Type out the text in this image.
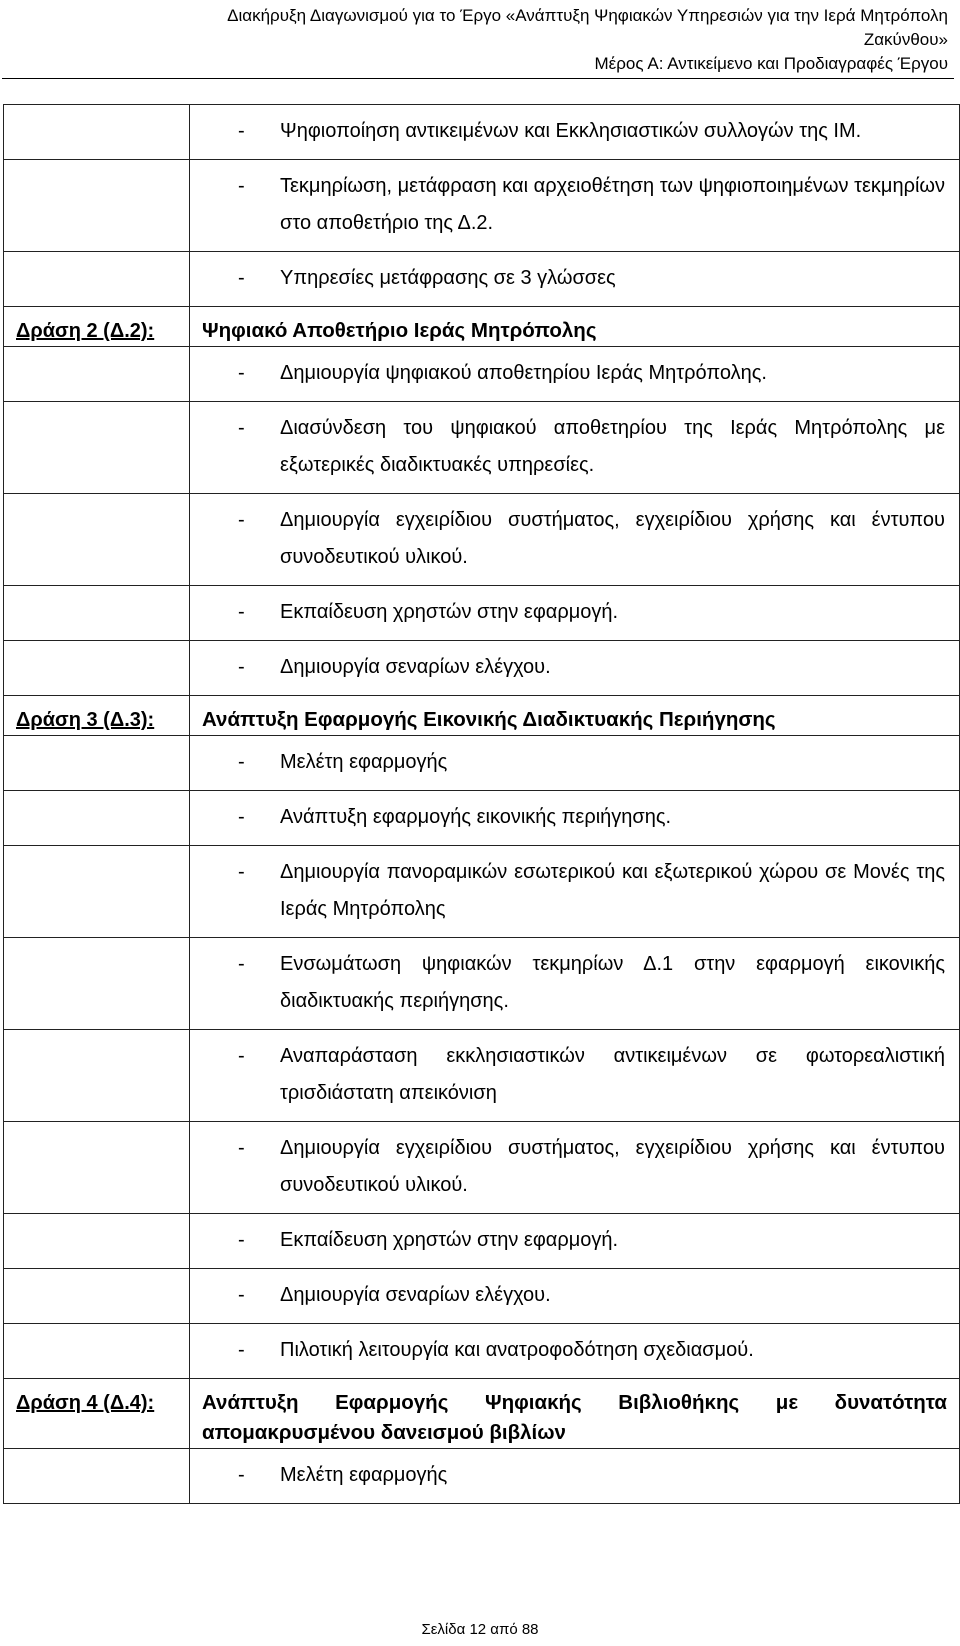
Διακήρυξη Διαγωνισμού για το Έργο «Ανάπτυξη Ψηφιακών Υπηρεσιών για την Ιερά Μητρόπολη
Ζακύνθου»
Μέρος Α: Αντικείμενο και Προδιαγραφές Έργου

	- Ψηφιοποίηση αντικειμένων και Εκκλησιαστικών συλλογών της ΙΜ.

	- Τεκμηρίωση, μετάφραση και αρχειοθέτηση των ψηφιοποιημένων τεκμηρίων στο αποθετήριο της Δ.2.

	- Υπηρεσίες μετάφρασης σε 3 γλώσσες

Δράση 2 (Δ.2):	Ψηφιακό Αποθετήριο Ιεράς Μητρόπολης

	- Δημιουργία ψηφιακού αποθετηρίου Ιεράς Μητρόπολης.

	- Διασύνδεση του ψηφιακού αποθετηρίου της Ιεράς Μητρόπολης με εξωτερικές διαδικτυακές υπηρεσίες.

	- Δημιουργία εγχειρίδιου συστήματος, εγχειρίδιου χρήσης και έντυπου συνοδευτικού υλικού.

	- Εκπαίδευση χρηστών στην εφαρμογή.

	- Δημιουργία σεναρίων ελέγχου.

Δράση 3 (Δ.3):	Ανάπτυξη Εφαρμογής Εικονικής Διαδικτυακής Περιήγησης

	- Μελέτη εφαρμογής

	- Ανάπτυξη εφαρμογής εικονικής περιήγησης.

	- Δημιουργία πανοραμικών εσωτερικού και εξωτερικού χώρου σε Μονές της Ιεράς Μητρόπολης

	- Ενσωμάτωση ψηφιακών τεκμηρίων Δ.1 στην εφαρμογή εικονικής διαδικτυακής περιήγησης.

	- Αναπαράσταση εκκλησιαστικών αντικειμένων σε φωτορεαλιστική τρισδιάστατη απεικόνιση

	- Δημιουργία εγχειρίδιου συστήματος, εγχειρίδιου χρήσης και έντυπου συνοδευτικού υλικού.

	- Εκπαίδευση χρηστών στην εφαρμογή.

	- Δημιουργία σεναρίων ελέγχου.

	- Πιλοτική λειτουργία και ανατροφοδότηση σχεδιασμού.

Δράση 4 (Δ.4):	Ανάπτυξη Εφαρμογής Ψηφιακής Βιβλιοθήκης με δυνατότητα απομακρυσμένου δανεισμού βιβλίων

	- Μελέτη εφαρμογής
Σελίδα 12 από 88
